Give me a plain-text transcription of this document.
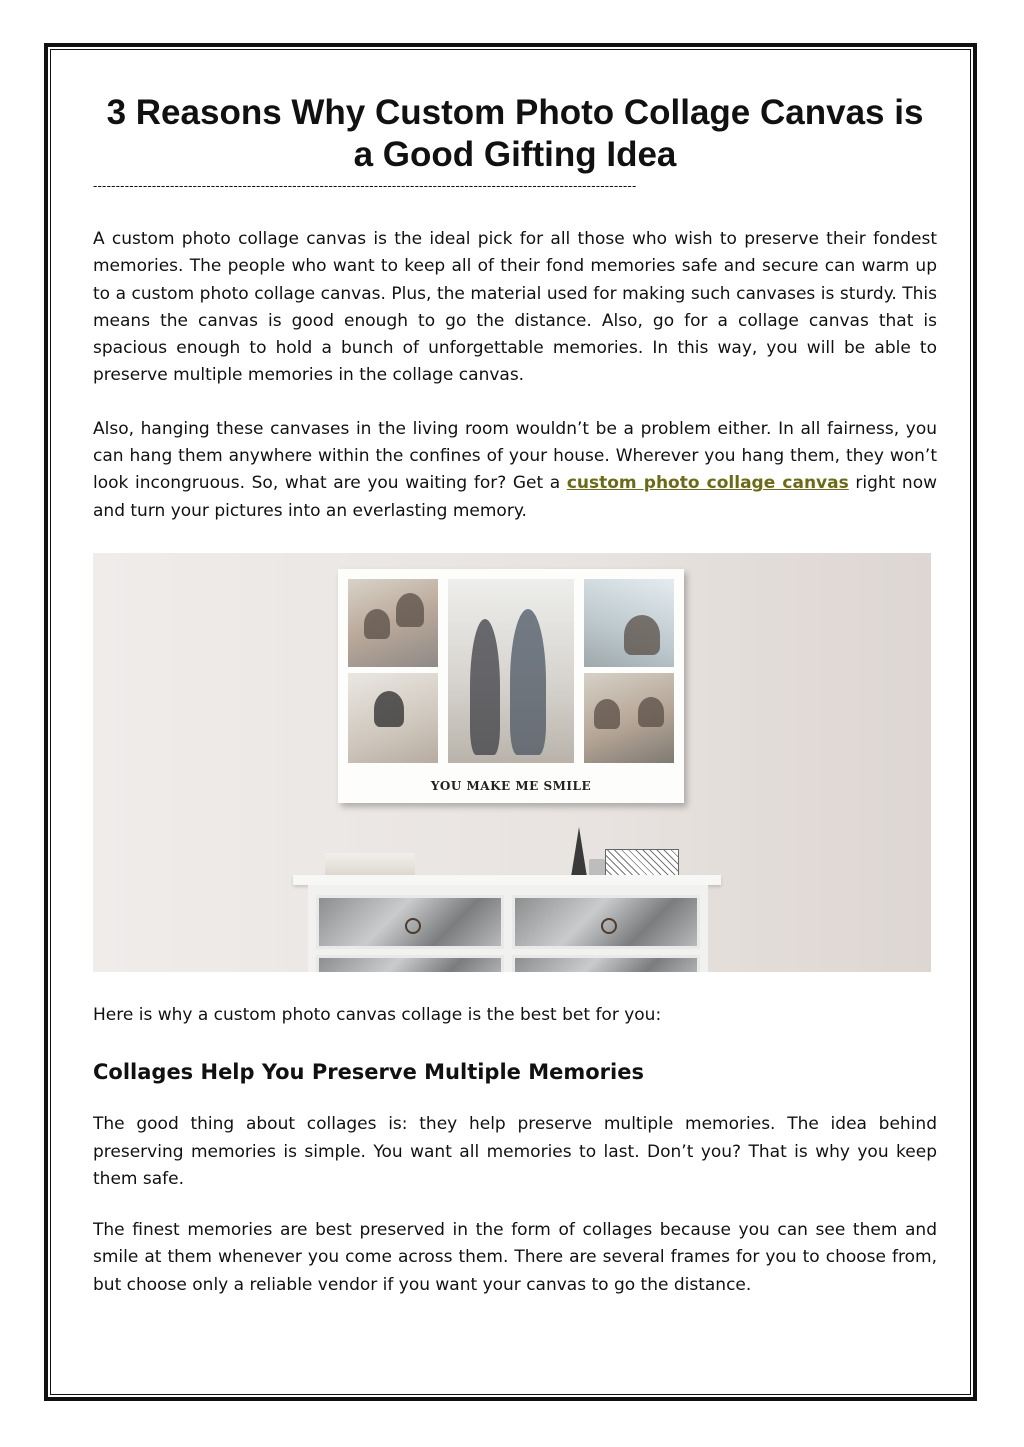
3 Reasons Why Custom Photo Collage Canvas is a Good Gifting Idea
------------------------------------------------------------------------------------------------------------------------

A custom photo collage canvas is the ideal pick for all those who wish to preserve their fondest memories. The people who want to keep all of their fond memories safe and secure can warm up to a custom photo collage canvas. Plus, the material used for making such canvases is sturdy. This means the canvas is good enough to go the distance. Also, go for a collage canvas that is spacious enough to hold a bunch of unforgettable memories. In this way, you will be able to preserve multiple memories in the collage canvas.

Also, hanging these canvases in the living room wouldn’t be a problem either. In all fairness, you can hang them anywhere within the confines of your house. Wherever you hang them, they won’t look incongruous. So, what are you waiting for? Get a custom photo collage canvas right now and turn your pictures into an everlasting memory.

YOU MAKE ME SMILE

Here is why a custom photo canvas collage is the best bet for you:

Collages Help You Preserve Multiple Memories

The good thing about collages is: they help preserve multiple memories. The idea behind preserving memories is simple. You want all memories to last. Don’t you? That is why you keep them safe.

The finest memories are best preserved in the form of collages because you can see them and smile at them whenever you come across them. There are several frames for you to choose from, but choose only a reliable vendor if you want your canvas to go the distance.
